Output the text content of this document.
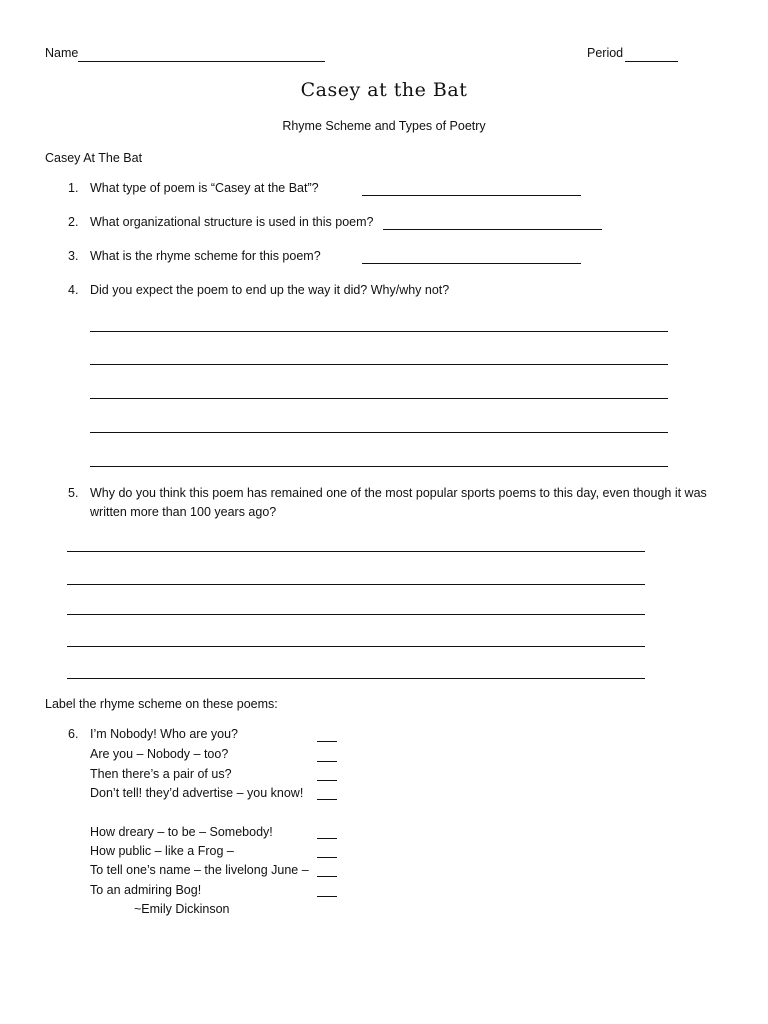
Name	Period
Casey at the Bat
Rhyme Scheme and Types of Poetry
Casey At The Bat
1. What type of poem is “Casey at the Bat”?
2. What organizational structure is used in this poem?
3. What is the rhyme scheme for this poem?
4. Did you expect the poem to end up the way it did? Why/why not?
5. Why do you think this poem has remained one of the most popular sports poems to this day, even though it was
written more than 100 years ago?
Label the rhyme scheme on these poems:
6. I’m Nobody! Who are you?
Are you – Nobody – too?
Then there’s a pair of us?
Don’t tell! they’d advertise – you know!
How dreary – to be – Somebody!
How public – like a Frog –
To tell one’s name – the livelong June –
To an admiring Bog!
~Emily Dickinson
